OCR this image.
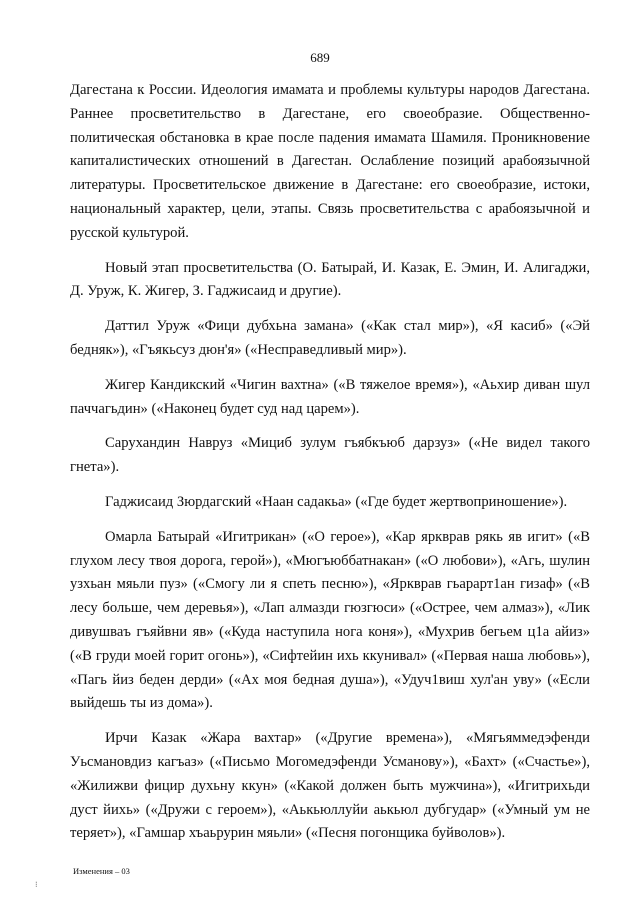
689

Дагестана к России. Идеология имамата и проблемы культуры народов Дагестана. Раннее просветительство в Дагестане, его своеобразие. Общественно-политическая обстановка в крае после падения имамата Шамиля. Проникновение капиталистических отношений в Дагестан. Ослабление позиций арабоязычной литературы. Просветительское движение в Дагестане: его своеобразие, истоки, национальный характер, цели, этапы. Связь просветительства с арабоязычной и русской культурой.

Новый этап просветительства (О. Батырай, И. Казак, Е. Эмин, И. Алигаджи, Д. Уруж, К. Жигер, З. Гаджисаид и другие).

Даттил Уруж «Фици дубхьна замана» («Как стал мир»), «Я касиб» («Эй бедняк»), «Гъякьсуз дюн'я» («Несправедливый мир»).

Жигер Кандикский «Чигин вахтна» («В тяжелое время»), «Аьхир диван шул паччагьдин» («Наконец будет суд над царем»).

Сарухандин Навруз «Мициб зулум гъябкъюб дарзуз» («Не видел такого гнета»).

Гаджисаид Зюрдагский «Наан садакьа» («Где будет жертвоприношение»).

Омарла Батырай «Игитрикан» («О герое»), «Кар яркврав рякь яв игит» («В глухом лесу твоя дорога, герой»), «Мюгъюббатнакан» («О любови»), «Агь, шулин узхьан мяьли пуз» («Смогу ли я спеть песню»), «Яркврав гьарарт1ан гизаф» («В лесу больше, чем деревья»), «Лап алмазди гюзгюси» («Острее, чем алмаз»), «Лик дивушваъ гъяйвни яв» («Куда наступила нога коня»), «Мухрив бегьем ц1а айиз» («В груди моей горит огонь»), «Сифтейин ихь ккунивал» («Первая наша любовь»), «Пагь йиз беден дерди» («Ах моя бедная душа»), «Удуч1виш хул'ан уву» («Если выйдешь ты из дома»).

Ирчи Казак «Жара вахтар» («Другие времена»), «Мягьяммедэфенди Уьсмановдиз кагъаз» («Письмо Могомедэфенди Усманову»), «Бахт» («Счастье»), «Жилижви фицир духьну ккун» («Какой должен быть мужчина»), «Игитрихьди дуст йихь» («Дружи с героем»), «Аькьюллуйи аькьюл дубгудар» («Умный ум не теряет»), «Гамшар хъаьрурин мяьли» («Песня погонщика буйволов»).

Изменения – 03
⁝
